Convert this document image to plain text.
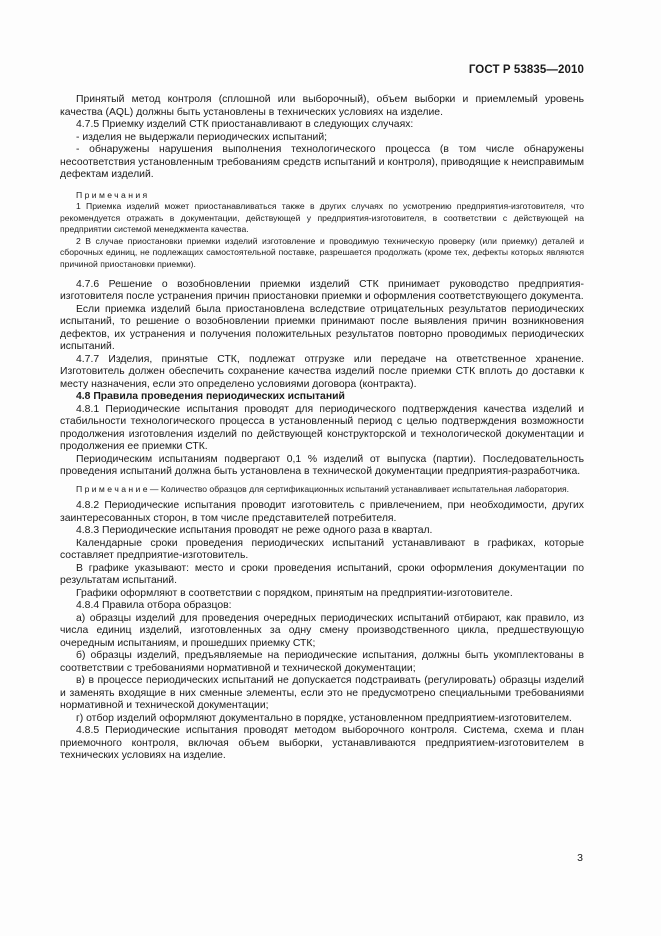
ГОСТ Р 53835—2010

Принятый метод контроля (сплошной или выборочный), объем выборки и приемлемый уровень качества (AQL) должны быть установлены в технических условиях на изделие.

4.7.5 Приемку изделий СТК приостанавливают в следующих случаях:

- изделия не выдержали периодических испытаний;

- обнаружены нарушения выполнения технологического процесса (в том числе обнаружены несоответствия установленным требованиям средств испытаний и контроля), приводящие к неисправимым дефектам изделий.

Примечания

1 Приемка изделий может приостанавливаться также в других случаях по усмотрению предприятия-изготовителя, что рекомендуется отражать в документации, действующей у предприятия-изготовителя, в соответствии с действующей на предприятии системой менеджмента качества.

2 В случае приостановки приемки изделий изготовление и проводимую техническую проверку (или приемку) деталей и сборочных единиц, не подлежащих самостоятельной поставке, разрешается продолжать (кроме тех, дефекты которых являются причиной приостановки приемки).

4.7.6 Решение о возобновлении приемки изделий СТК принимает руководство предприятия-изготовителя после устранения причин приостановки приемки и оформления соответствующего документа.

Если приемка изделий была приостановлена вследствие отрицательных результатов периодических испытаний, то решение о возобновлении приемки принимают после выявления причин возникновения дефектов, их устранения и получения положительных результатов повторно проводимых периодических испытаний.

4.7.7 Изделия, принятые СТК, подлежат отгрузке или передаче на ответственное хранение. Изготовитель должен обеспечить сохранение качества изделий после приемки СТК вплоть до доставки к месту назначения, если это определено условиями договора (контракта).

4.8 Правила проведения периодических испытаний

4.8.1 Периодические испытания проводят для периодического подтверждения качества изделий и стабильности технологического процесса в установленный период с целью подтверждения возможности продолжения изготовления изделий по действующей конструкторской и технологической документации и продолжения ее приемки СТК.

Периодическим испытаниям подвергают 0,1 % изделий от выпуска (партии). Последовательность проведения испытаний должна быть установлена в технической документации предприятия-разработчика.

П р и м е ч а н и е — Количество образцов для сертификационных испытаний устанавливает испытательная лаборатория.

4.8.2 Периодические испытания проводит изготовитель с привлечением, при необходимости, других заинтересованных сторон, в том числе представителей потребителя.

4.8.3 Периодические испытания проводят не реже одного раза в квартал.

Календарные сроки проведения периодических испытаний устанавливают в графиках, которые составляет предприятие-изготовитель.

В графике указывают: место и сроки проведения испытаний, сроки оформления документации по результатам испытаний.

Графики оформляют в соответствии с порядком, принятым на предприятии-изготовителе.

4.8.4 Правила отбора образцов:

а) образцы изделий для проведения очередных периодических испытаний отбирают, как правило, из числа единиц изделий, изготовленных за одну смену производственного цикла, предшествующую очередным испытаниям, и прошедших приемку СТК;

б) образцы изделий, предъявляемые на периодические испытания, должны быть укомплектованы в соответствии с требованиями нормативной и технической документации;

в) в процессе периодических испытаний не допускается подстраивать (регулировать) образцы изделий и заменять входящие в них сменные элементы, если это не предусмотрено специальными требованиями нормативной и технической документации;

г) отбор изделий оформляют документально в порядке, установленном предприятием-изготовителем.

4.8.5 Периодические испытания проводят методом выборочного контроля. Система, схема и план приемочного контроля, включая объем выборки, устанавливаются предприятием-изготовителем в технических условиях на изделие.

3
